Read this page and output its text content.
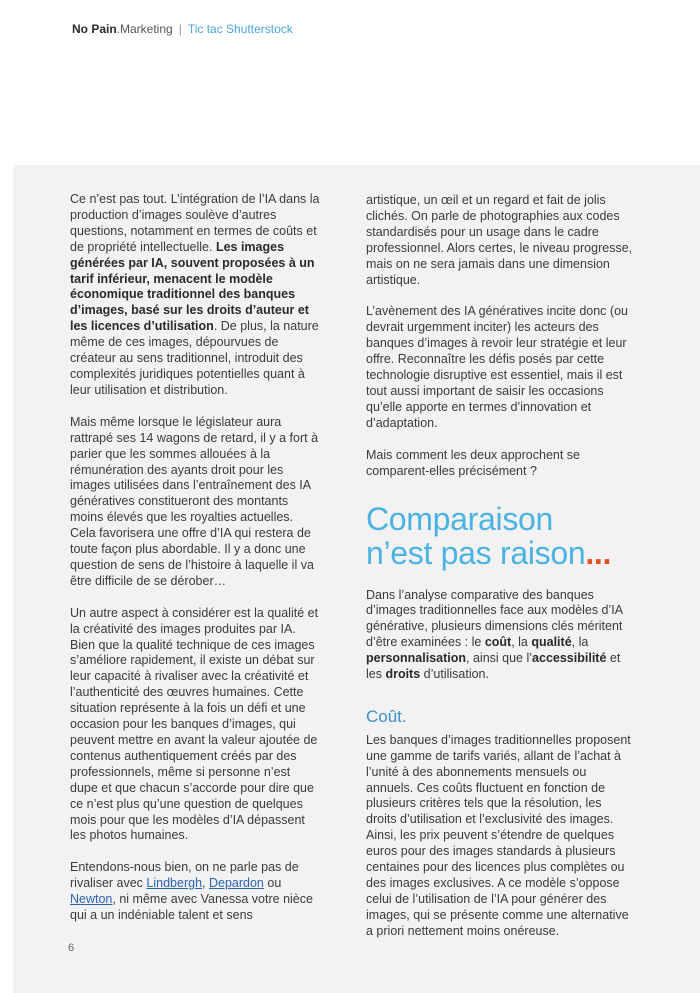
No Pain.Marketing | Tic tac Shutterstock

Ce n’est pas tout. L’intégration de l’IA dans la production d’images soulève d’autres questions, notamment en termes de coûts et de propriété intellectuelle. Les images générées par IA, souvent proposées à un tarif inférieur, menacent le modèle économique traditionnel des banques d’images, basé sur les droits d’auteur et les licences d’utilisation. De plus, la nature même de ces images, dépourvues de créateur au sens traditionnel, introduit des complexités juridiques potentielles quant à leur utilisation et distribution.

Mais même lorsque le législateur aura rattrapé ses 14 wagons de retard, il y a fort à parier que les sommes allouées à la rémunération des ayants droit pour les images utilisées dans l’entraînement des IA génératives constitueront des montants moins élevés que les royalties actuelles. Cela favorisera une offre d’IA qui restera de toute façon plus abordable. Il y a donc une question de sens de l’histoire à laquelle il va être difficile de se dérober…

Un autre aspect à considérer est la qualité et la créativité des images produites par IA. Bien que la qualité technique de ces images s’améliore rapidement, il existe un débat sur leur capacité à rivaliser avec la créativité et l’authenticité des œuvres humaines. Cette situation représente à la fois un défi et une occasion pour les banques d’images, qui peuvent mettre en avant la valeur ajoutée de contenus authentiquement créés par des professionnels, même si personne n’est dupe et que chacun s’accorde pour dire que ce n’est plus qu’une question de quelques mois pour que les modèles d’IA dépassent les photos humaines.

Entendons-nous bien, on ne parle pas de rivaliser avec Lindbergh, Depardon ou Newton, ni même avec Vanessa votre nièce qui a un indéniable talent et sens

artistique, un œil et un regard et fait de jolis clichés. On parle de photographies aux codes standardisés pour un usage dans le cadre professionnel. Alors certes, le niveau progresse, mais on ne sera jamais dans une dimension artistique.

L’avènement des IA génératives incite donc (ou devrait urgemment inciter) les acteurs des banques d’images à revoir leur stratégie et leur offre. Reconnaître les défis posés par cette technologie disruptive est essentiel, mais il est tout aussi important de saisir les occasions qu’elle apporte en termes d’innovation et d’adaptation.

Mais comment les deux approchent se comparent-elles précisément ?

Comparaison
n’est pas raison...

Dans l’analyse comparative des banques d’images traditionnelles face aux modèles d’IA générative, plusieurs dimensions clés méritent d’être examinées : le coût, la qualité, la personnalisation, ainsi que l’accessibilité et les droits d’utilisation.

Coût.

Les banques d’images traditionnelles proposent une gamme de tarifs variés, allant de l’achat à l’unité à des abonnements mensuels ou annuels. Ces coûts fluctuent en fonction de plusieurs critères tels que la résolution, les droits d’utilisation et l’exclusivité des images. Ainsi, les prix peuvent s’étendre de quelques euros pour des images standards à plusieurs centaines pour des licences plus complètes ou des images exclusives. A ce modèle s’oppose celui de l’utilisation de l’IA pour générer des images, qui se présente comme une alternative a priori nettement moins onéreuse.

6
